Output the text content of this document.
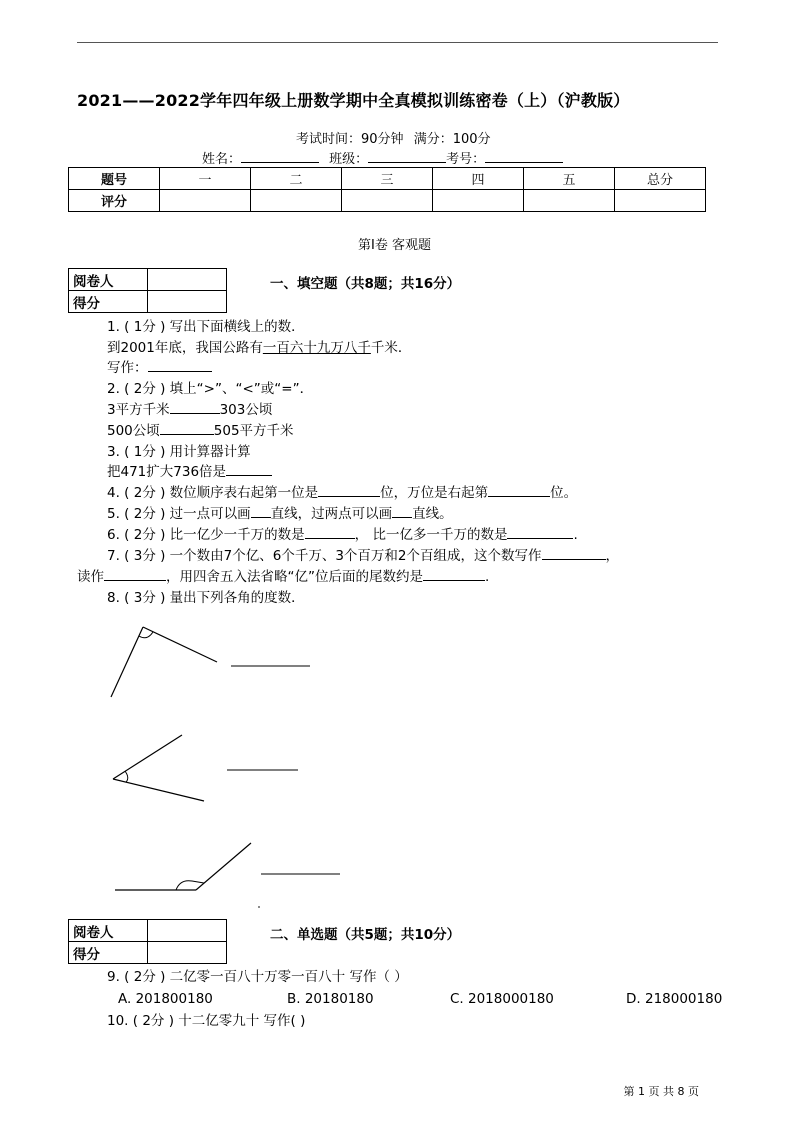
2021——2022学年四年级上册数学期中全真模拟训练密卷（上）（沪教版）
考试时间：90分钟 满分：100分
姓名：	班级：	考号：
题号	一	二	三	四	五	总分
评分						
第Ⅰ卷 客观题
阅卷人	
得分	
一、填空题（共8题；共16分）
1. ( 1分 ) 写出下面横线上的数．
到2001年底，我国公路有一百六十九万八千千米．
写作：
2. ( 2分 ) 填上“>”、“<”或“=”．
3平方千米	303公顷
500公顷	505平方千米
3. ( 1分 ) 用计算器计算
把471扩大736倍是
4. ( 2分 ) 数位顺序表右起第一位是	位，万位是右起第	位。
5. ( 2分 ) 过一点可以画 直线，过两点可以画 直线。
6. ( 2分 ) 比一亿少一千万的数是	， 比一亿多一千万的数是	.
7. ( 3分 ) 一个数由7个亿、6个千万、3个百万和2个百组成，这个数写作	，
读作	，用四舍五入法省略“亿”位后面的尾数约是	.
8. ( 3分 ) 量出下列各角的度数．
阅卷人	
得分	
二、单选题（共5题；共10分）
9. ( 2分 ) 二亿零一百八十万零一百八十 写作（ ）
A. 201800180	B. 20180180	C. 2018000180	D. 218000180
10. ( 2分 ) 十二亿零九十 写作( )
第 1 页 共 8 页
